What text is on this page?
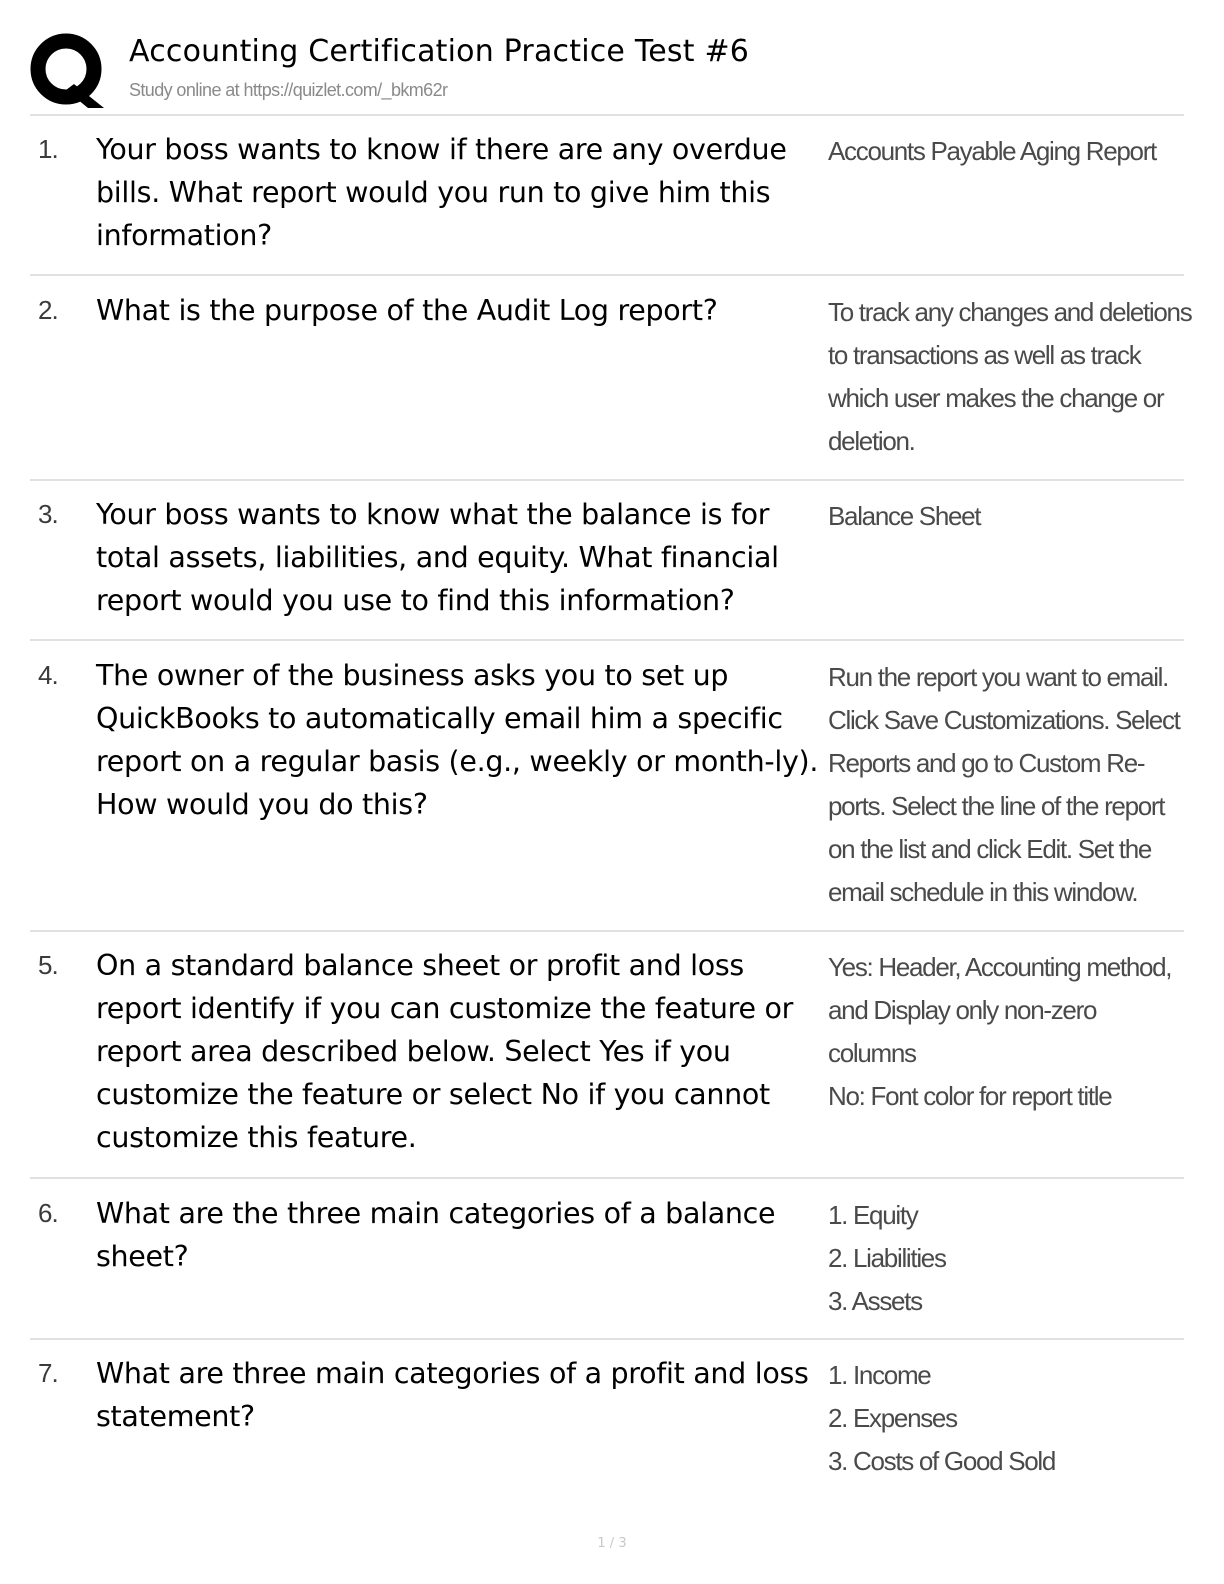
Accounting Certification Practice Test #6
Study online at https://quizlet.com/_bkm62r
1. Your boss wants to know if there are any overdue bills. What report would you run to give him this information?
Accounts Payable Aging Report
2. What is the purpose of the Audit Log report?	To track any changes and deletions
to transactions as well as track
which user makes the change or
deletion.
3. Your boss wants to know what the balance is for total assets, liabilities, and equity. What financial report would you use to find this information?
Balance Sheet
4. The owner of the business asks you to set up QuickBooks to automatically email him a specific report on a regular basis (e.g., weekly or month-ly). How would you do this?
Run the report you want to email.
Click Save Customizations. Select
Reports and go to Custom Re-
ports. Select the line of the report
on the list and click Edit. Set the
email schedule in this window.
5. On a standard balance sheet or profit and loss report identify if you can customize the feature or report area described below. Select Yes if you customize the feature or select No if you cannot customize this feature.
Yes: Header, Accounting method,
and Display only non-zero
columns
No: Font color for report title
6. What are the three main categories of a balance sheet?
1. Equity
2. Liabilities
3. Assets
7. What are three main categories of a profit and loss statement?
1. Income
2. Expenses
3. Costs of Good Sold
1 / 3
